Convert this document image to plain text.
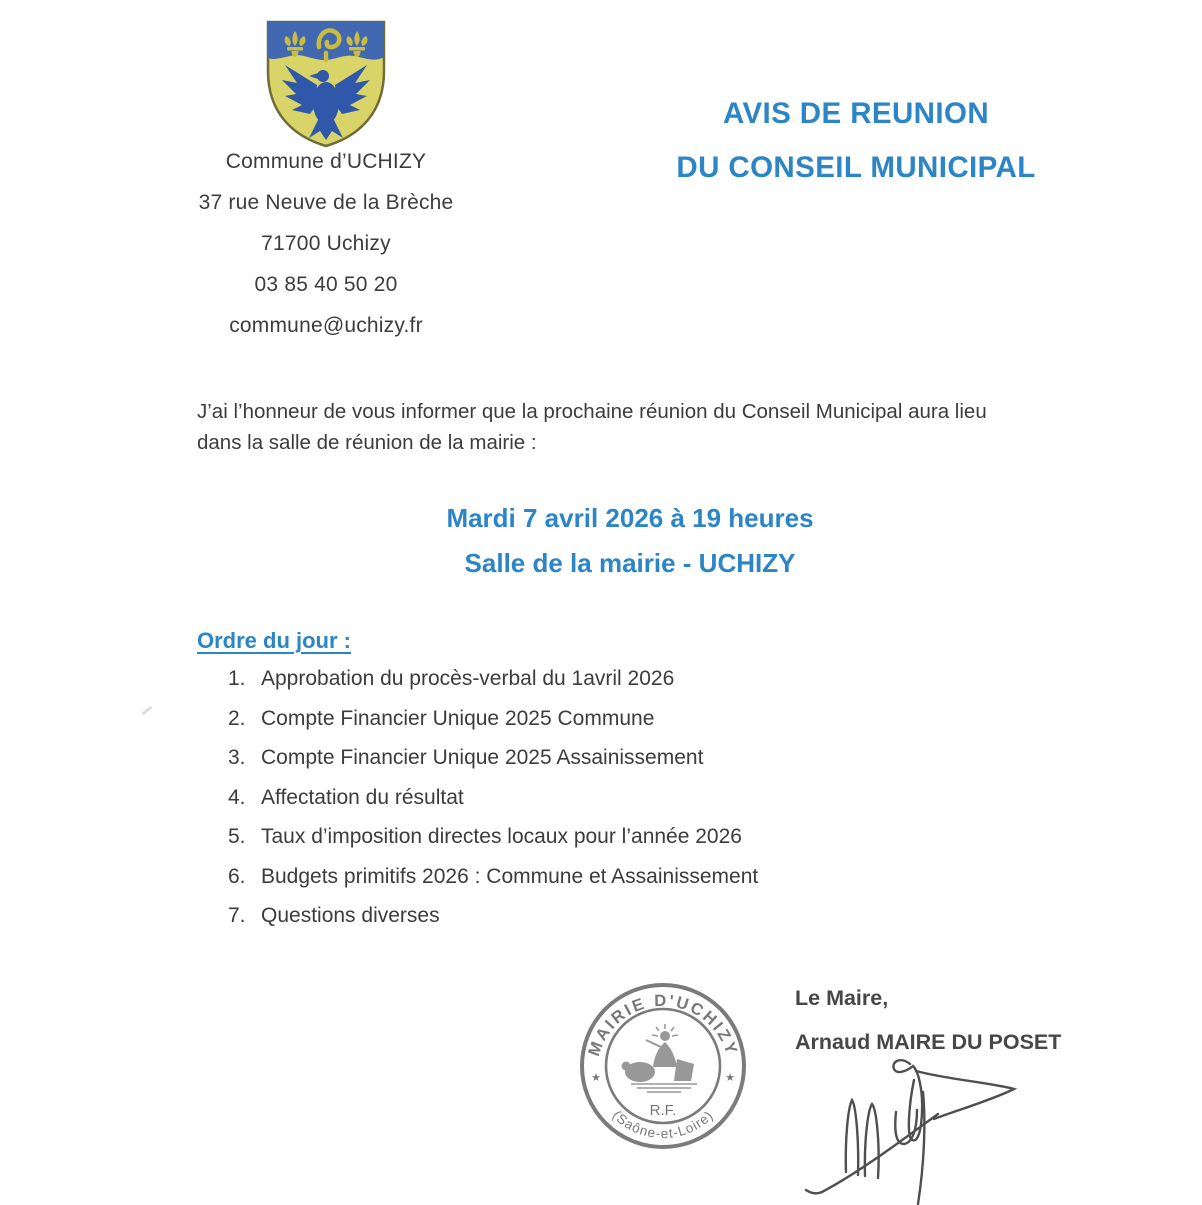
Commune d’UCHIZY
37 rue Neuve de la Brèche
71700 Uchizy
03 85 40 50 20
commune@uchizy.fr
AVIS DE REUNION
DU CONSEIL MUNICIPAL
J’ai l’honneur de vous informer que la prochaine réunion du Conseil Municipal aura lieu
dans la salle de réunion de la mairie :
Mardi 7 avril 2026 à 19 heures
Salle de la mairie - UCHIZY
Ordre du jour :
1. Approbation du procès-verbal du 1avril 2026
2. Compte Financier Unique 2025 Commune
3. Compte Financier Unique 2025 Assainissement
4. Affectation du résultat
5. Taux d’imposition directes locaux pour l’année 2026
6. Budgets primitifs 2026 : Commune et Assainissement
7. Questions diverses
MAIRIE D'UCHIZY
(Saône-et-Loire)
R.F.
★	★
Le Maire,
Arnaud MAIRE DU POSET
